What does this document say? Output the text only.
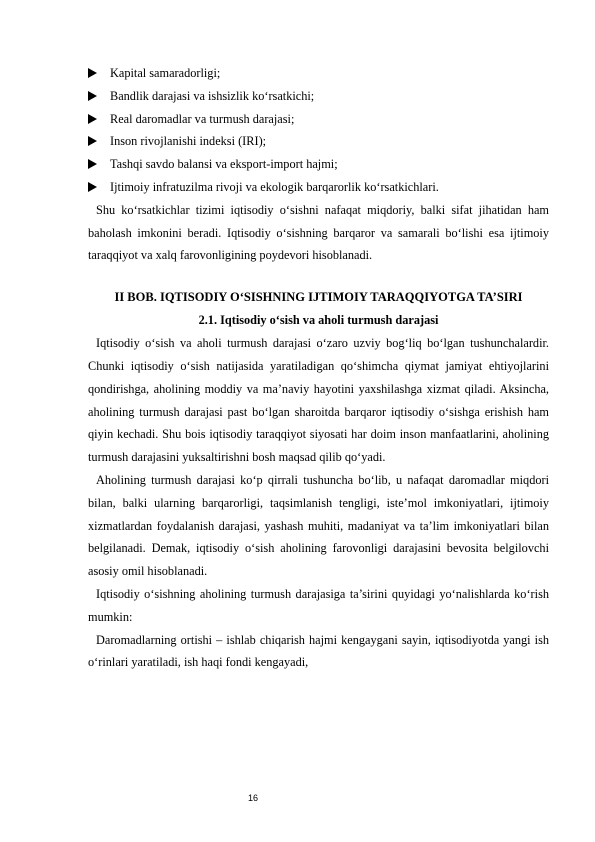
Kapital samaradorligi;
Bandlik darajasi va ishsizlik ko‘rsatkichi;
Real daromadlar va turmush darajasi;
Inson rivojlanishi indeksi (IRI);
Tashqi savdo balansi va eksport-import hajmi;
Ijtimoiy infratuzilma rivoji va ekologik barqarorlik ko‘rsatkichlari.

Shu ko‘rsatkichlar tizimi iqtisodiy o‘sishni nafaqat miqdoriy, balki sifat jihatidan ham baholash imkonini beradi. Iqtisodiy o‘sishning barqaror va samarali bo‘lishi esa ijtimoiy taraqqiyot va xalq farovonligining poydevori hisoblanadi.

II BOB. IQTISODIY O‘SISHNING IJTIMOIY TARAQQIYOTGA TA’SIRI

2.1. Iqtisodiy o‘sish va aholi turmush darajasi

Iqtisodiy o‘sish va aholi turmush darajasi o‘zaro uzviy bog‘liq bo‘lgan tushunchalardir. Chunki iqtisodiy o‘sish natijasida yaratiladigan qo‘shimcha qiymat jamiyat ehtiyojlarini qondirishga, aholining moddiy va ma’naviy hayotini yaxshilashga xizmat qiladi. Aksincha, aholining turmush darajasi past bo‘lgan sharoitda barqaror iqtisodiy o‘sishga erishish ham qiyin kechadi. Shu bois iqtisodiy taraqqiyot siyosati har doim inson manfaatlarini, aholining turmush darajasini yuksaltirishni bosh maqsad qilib qo‘yadi.

Aholining turmush darajasi ko‘p qirrali tushuncha bo‘lib, u nafaqat daromadlar miqdori bilan, balki ularning barqarorligi, taqsimlanish tengligi, iste’mol imkoniyatlari, ijtimoiy xizmatlardan foydalanish darajasi, yashash muhiti, madaniyat va ta’lim imkoniyatlari bilan belgilanadi. Demak, iqtisodiy o‘sish aholining farovonligi darajasini bevosita belgilovchi asosiy omil hisoblanadi.

Iqtisodiy o‘sishning aholining turmush darajasiga ta’sirini quyidagi yo‘nalishlarda ko‘rish mumkin:

Daromadlarning ortishi – ishlab chiqarish hajmi kengaygani sayin, iqtisodiyotda yangi ish o‘rinlari yaratiladi, ish haqi fondi kengayadi,

16
